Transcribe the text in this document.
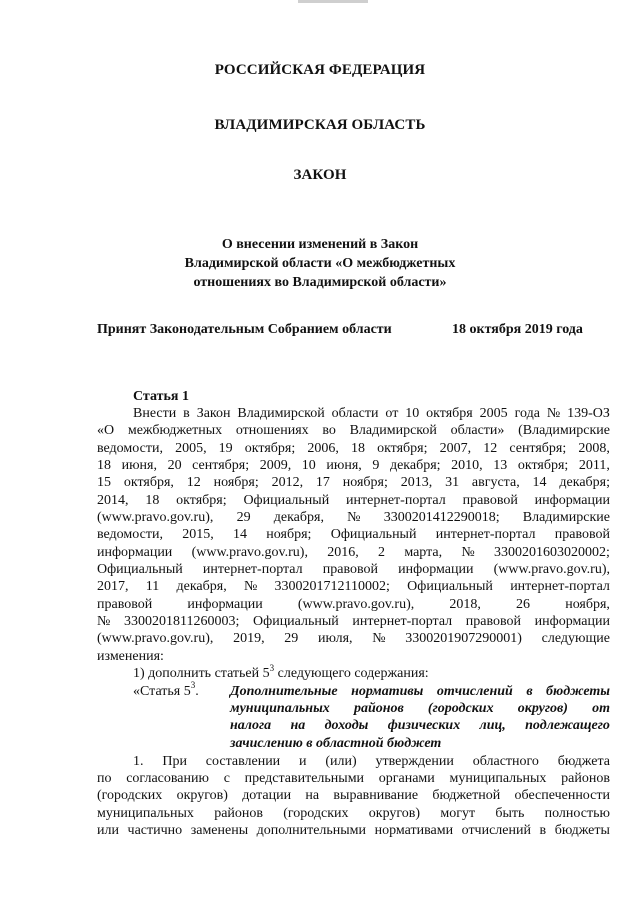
РОССИЙСКАЯ ФЕДЕРАЦИЯ
ВЛАДИМИРСКАЯ ОБЛАСТЬ
ЗАКОН
О внесении изменений в Закон
Владимирской области «О межбюджетных
отношениях во Владимирской области»
Принят Законодательным Собранием области	18 октября 2019 года
Статья 1
Внести в Закон Владимирской области от 10 октября 2005 года № 139-ОЗ
«О межбюджетных отношениях во Владимирской области» (Владимирские
ведомости, 2005, 19 октября; 2006, 18 октября; 2007, 12 сентября; 2008,
18 июня, 20 сентября; 2009, 10 июня, 9 декабря; 2010, 13 октября; 2011,
15 октября, 12 ноября; 2012, 17 ноября; 2013, 31 августа, 14 декабря;
2014, 18 октября; Официальный интернет-портал правовой информации
(www.pravo.gov.ru), 29 декабря, № 3300201412290018; Владимирские
ведомости, 2015, 14 ноября; Официальный интернет-портал правовой
информации (www.pravo.gov.ru), 2016, 2 марта, № 3300201603020002;
Официальный интернет-портал правовой информации (www.pravo.gov.ru),
2017, 11 декабря, № 3300201712110002; Официальный интернет-портал
правовой	информации	(www.pravo.gov.ru),	2018,	26	ноября,
№ 3300201811260003; Официальный интернет-портал правовой информации
(www.pravo.gov.ru), 2019, 29 июля, № 3300201907290001) следующие
изменения:
1) дополнить статьей $5^3$ следующего содержания:
«Статья $5^3$. Дополнительные нормативы отчислений в бюджеты
муниципальных районов (городских округов) от
налога на доходы физических лиц, подлежащего
зачислению в областной бюджет
1. При составлении и (или) утверждении областного бюджета
по согласованию с представительными органами муниципальных районов
(городских округов) дотации на выравнивание бюджетной обеспеченности
муниципальных районов (городских округов) могут быть полностью
или частично заменены дополнительными нормативами отчислений в бюджеты
